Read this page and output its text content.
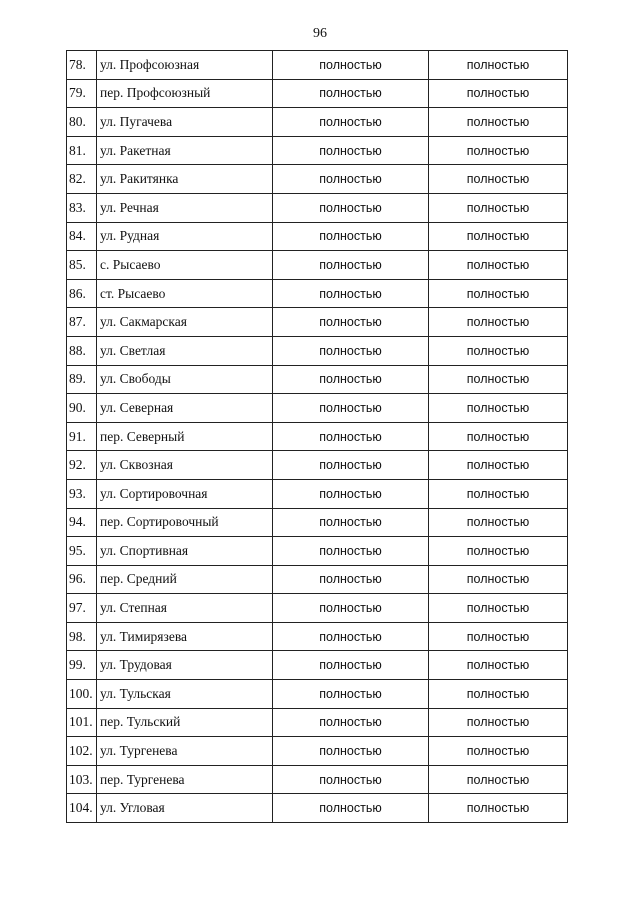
96
78.	ул. Профсоюзная	полностью	полностью
79.	пер. Профсоюзный	полностью	полностью
80.	ул. Пугачева	полностью	полностью
81.	ул. Ракетная	полностью	полностью
82.	ул. Ракитянка	полностью	полностью
83.	ул. Речная	полностью	полностью
84.	ул. Рудная	полностью	полностью
85.	с. Рысаево	полностью	полностью
86.	ст. Рысаево	полностью	полностью
87.	ул. Сакмарская	полностью	полностью
88.	ул. Светлая	полностью	полностью
89.	ул. Свободы	полностью	полностью
90.	ул. Северная	полностью	полностью
91.	пер. Северный	полностью	полностью
92.	ул. Сквозная	полностью	полностью
93.	ул. Сортировочная	полностью	полностью
94.	пер. Сортировочный	полностью	полностью
95.	ул. Спортивная	полностью	полностью
96.	пер. Средний	полностью	полностью
97.	ул. Степная	полностью	полностью
98.	ул. Тимирязева	полностью	полностью
99.	ул. Трудовая	полностью	полностью
100.	ул. Тульская	полностью	полностью
101.	пер. Тульский	полностью	полностью
102.	ул. Тургенева	полностью	полностью
103.	пер. Тургенева	полностью	полностью
104.	ул. Угловая	полностью	полностью
